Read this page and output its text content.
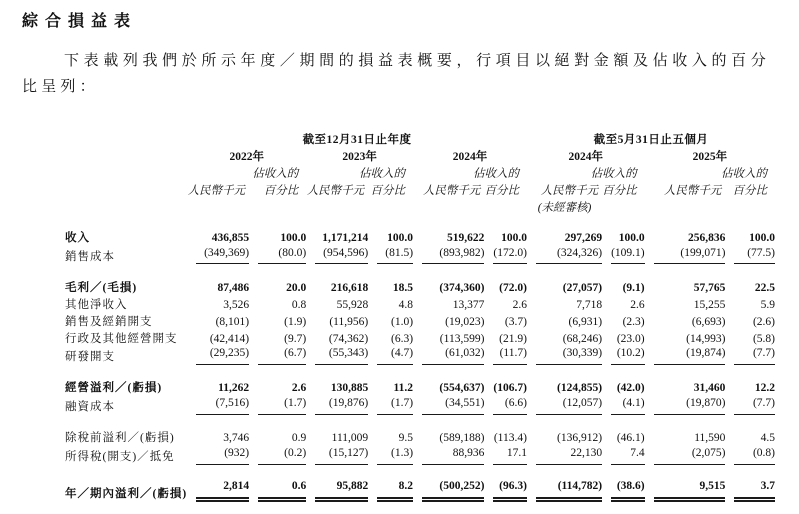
綜合損益表

下表載列我們於所示年度／期間的損益表概要，行項目以絕對金額及佔收入的百分比呈列：

	截至12月31日止年度						截至5月31日止五個月			
	2022年		2023年		2024年		2024年		2025年	
	佔收入的		佔收入的		佔收入的		佔收入的		佔收入的	
	人民幣千元	百分比	人民幣千元	百分比	人民幣千元	百分比	人民幣千元	百分比	人民幣千元	百分比
							(未經審核)			
收入	436,855	100.0	1,171,214	100.0	519,622	100.0	297,269	100.0	256,836	100.0

銷售成本	(349,369)	(80.0)	(954,596)	(81.5)	(893,982)	(172.0)	(324,326)	(109.1)	(199,071)	(77.5)

毛利／(毛損)	87,486	20.0	216,618	18.5	(374,360)	(72.0)	(27,057)	(9.1)	57,765	22.5

其他淨收入	3,526	0.8	55,928	4.8	13,377	2.6	7,718	2.6	15,255	5.9

銷售及經銷開支	(8,101)	(1.9)	(11,956)	(1.0)	(19,023)	(3.7)	(6,931)	(2.3)	(6,693)	(2.6)

行政及其他經營開支	(42,414)	(9.7)	(74,362)	(6.3)	(113,599)	(21.9)	(68,246)	(23.0)	(14,993)	(5.8)

研發開支	(29,235)	(6.7)	(55,343)	(4.7)	(61,032)	(11.7)	(30,339)	(10.2)	(19,874)	(7.7)

經營溢利／(虧損)	11,262	2.6	130,885	11.2	(554,637)	(106.7)	(124,855)	(42.0)	31,460	12.2

融資成本	(7,516)	(1.7)	(19,876)	(1.7)	(34,551)	(6.6)	(12,057)	(4.1)	(19,870)	(7.7)

除稅前溢利／(虧損)	3,746	0.9	111,009	9.5	(589,188)	(113.4)	(136,912)	(46.1)	11,590	4.5

所得稅(開支)／抵免	(932)	(0.2)	(15,127)	(1.3)	88,936	17.1	22,130	7.4	(2,075)	(0.8)

年／期內溢利／(虧損)	2,814	0.6	95,882	8.2	(500,252)	(96.3)	(114,782)	(38.6)	9,515	3.7
